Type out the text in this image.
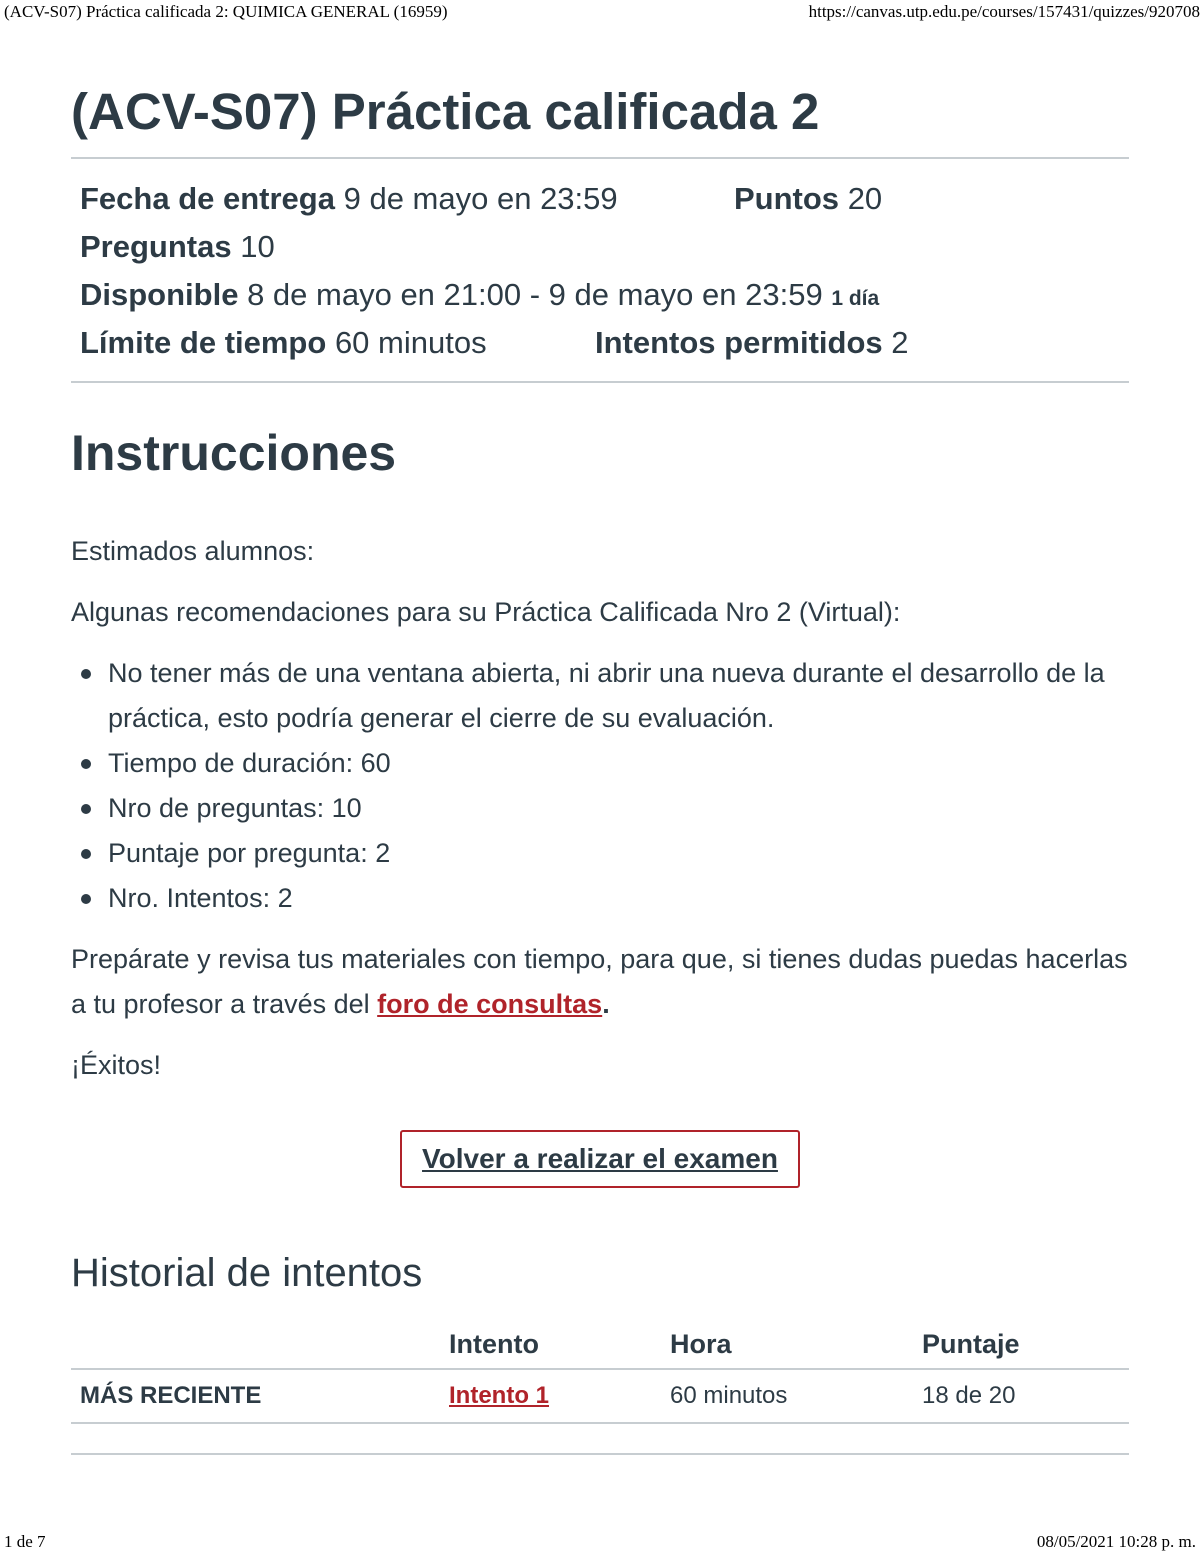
(ACV-S07) Práctica calificada 2: QUIMICA GENERAL (16959)	https://canvas.utp.edu.pe/courses/157431/quizzes/920708
(ACV-S07) Práctica calificada 2
Fecha de entrega 9 de mayo en 23:59	Puntos 20
Preguntas 10
Disponible 8 de mayo en 21:00 - 9 de mayo en 23:59 1 día
Límite de tiempo 60 minutos	Intentos permitidos 2
Instrucciones

Estimados alumnos:

Algunas recomendaciones para su Práctica Calificada Nro 2 (Virtual):

No tener más de una ventana abierta, ni abrir una nueva durante el desarrollo de la práctica, esto podría generar el cierre de su evaluación.
Tiempo de duración: 60
Nro de preguntas: 10
Puntaje por pregunta: 2
Nro. Intentos: 2

Prepárate y revisa tus materiales con tiempo, para que, si tienes dudas puedas hacerlas a tu profesor a través del foro de consultas.

¡Éxitos!

Volver a realizar el examen
Historial de intentos
	Intento	Hora	Puntaje
MÁS RECIENTE	Intento 1	60 minutos	18 de 20
1 de 7	08/05/2021 10:28 p. m.
